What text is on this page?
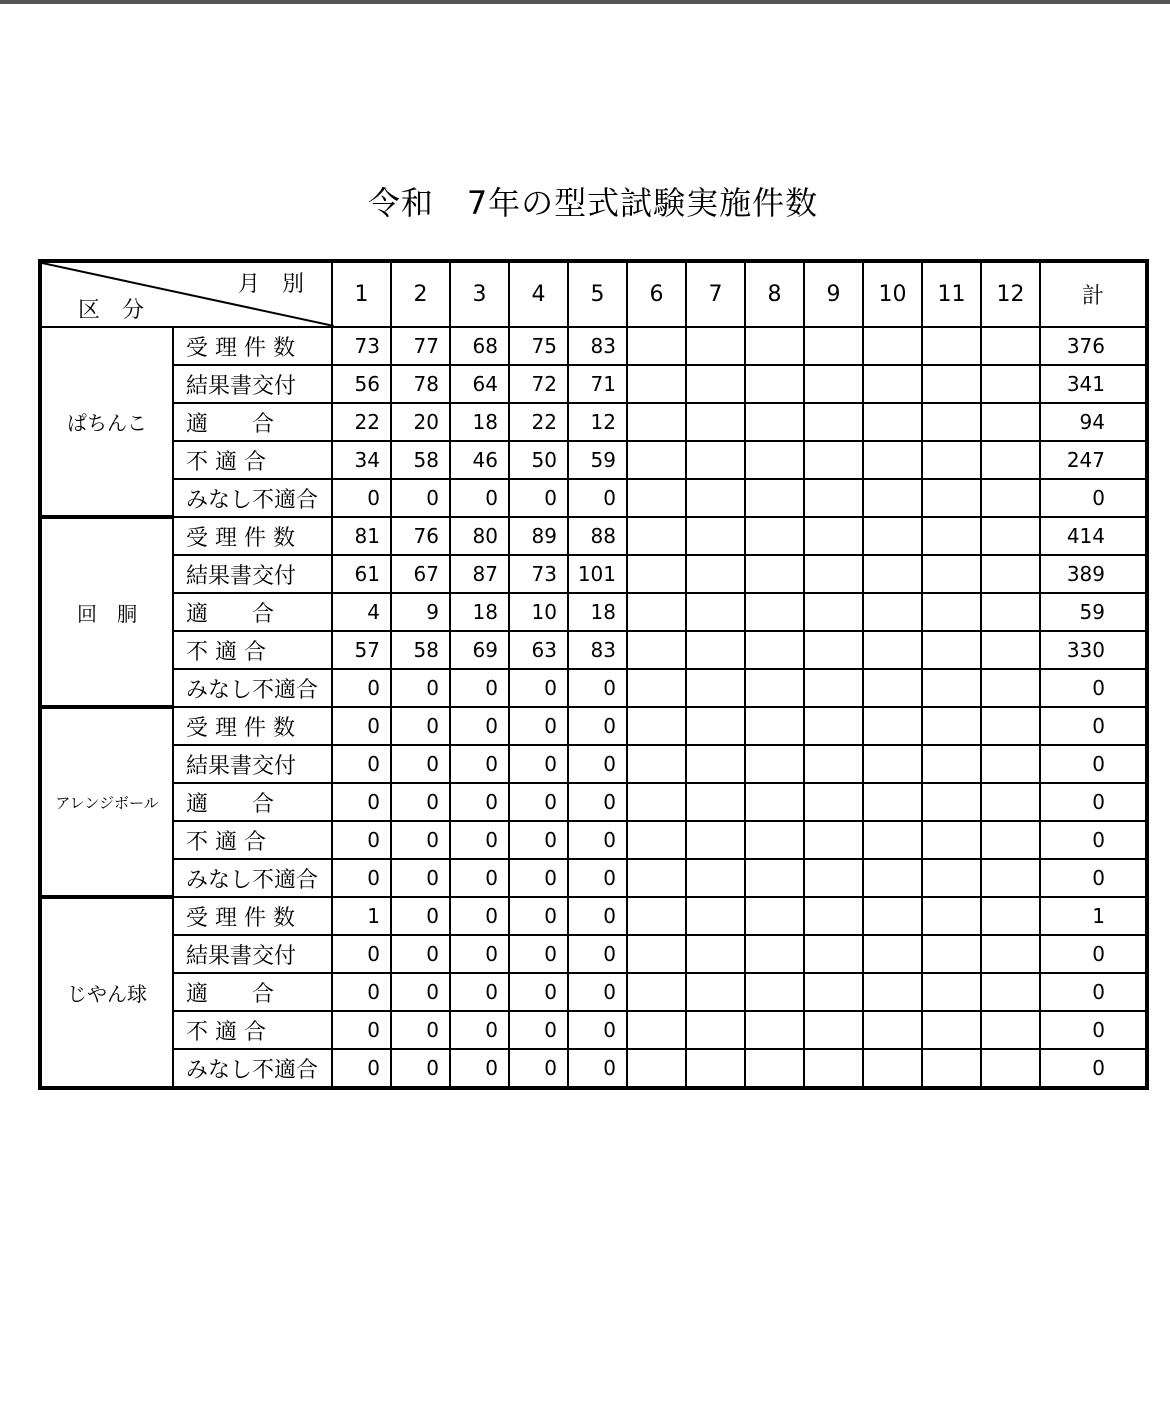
令和　7年の型式試験実施件数
月　別
区　分		1	2	3	4	5	6	7	8	9	10	11	12	計
ぱちんこ	受 理 件 数	73	77	68	75	83								376
	結果書交付	56	78	64	72	71								341
	適　　合	22	20	18	22	12								94
	不 適 合	34	58	46	50	59								247
	みなし不適合	0	0	0	0	0								0
回　胴	受 理 件 数	81	76	80	89	88								414
	結果書交付	61	67	87	73	101								389
	適　　合	4	9	18	10	18								59
	不 適 合	57	58	69	63	83								330
	みなし不適合	0	0	0	0	0								0
アレンジボール	受 理 件 数	0	0	0	0	0								0
	結果書交付	0	0	0	0	0								0
	適　　合	0	0	0	0	0								0
	不 適 合	0	0	0	0	0								0
	みなし不適合	0	0	0	0	0								0
じやん球	受 理 件 数	1	0	0	0	0								1
	結果書交付	0	0	0	0	0								0
	適　　合	0	0	0	0	0								0
	不 適 合	0	0	0	0	0								0
	みなし不適合	0	0	0	0	0								0
